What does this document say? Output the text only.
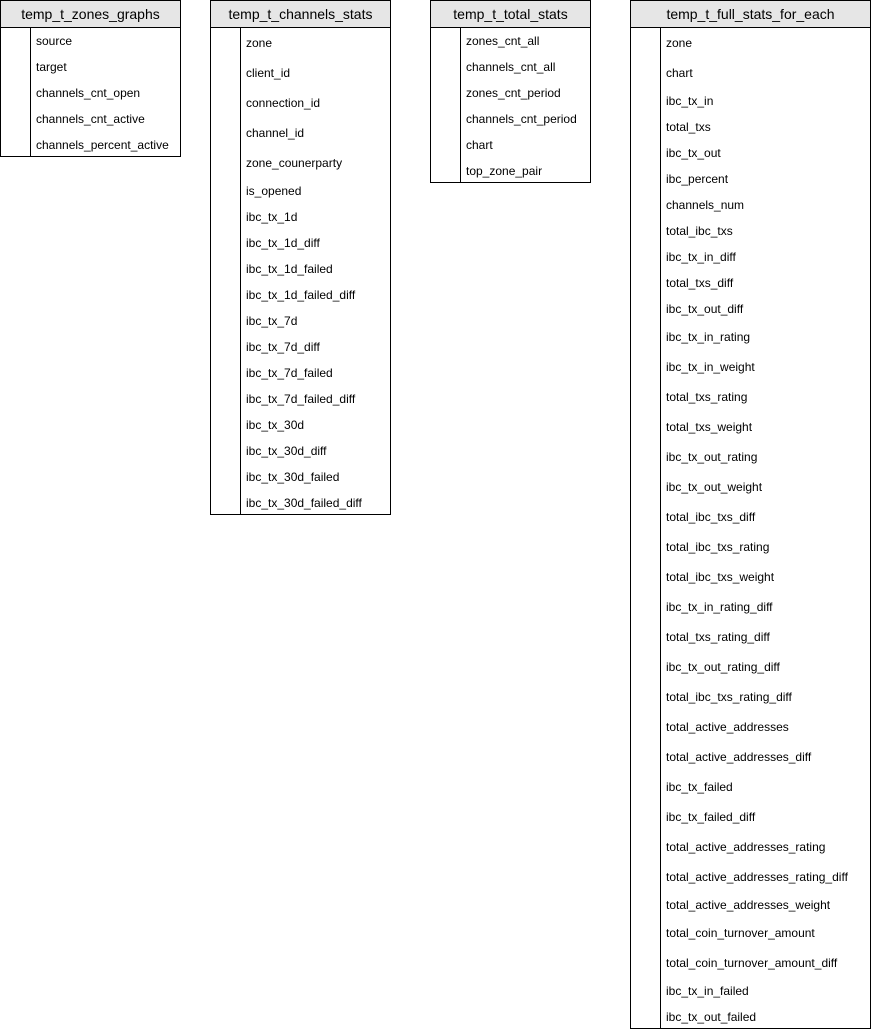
temp_t_zones_graphs
source
target
channels_cnt_open
channels_cnt_active
channels_percent_active
temp_t_channels_stats
zone
client_id
connection_id
channel_id
zone_counerparty
is_opened
ibc_tx_1d
ibc_tx_1d_diff
ibc_tx_1d_failed
ibc_tx_1d_failed_diff
ibc_tx_7d
ibc_tx_7d_diff
ibc_tx_7d_failed
ibc_tx_7d_failed_diff
ibc_tx_30d
ibc_tx_30d_diff
ibc_tx_30d_failed
ibc_tx_30d_failed_diff
temp_t_total_stats
zones_cnt_all
channels_cnt_all
zones_cnt_period
channels_cnt_period
chart
top_zone_pair
temp_t_full_stats_for_each
zone
chart
ibc_tx_in
total_txs
ibc_tx_out
ibc_percent
channels_num
total_ibc_txs
ibc_tx_in_diff
total_txs_diff
ibc_tx_out_diff
ibc_tx_in_rating
ibc_tx_in_weight
total_txs_rating
total_txs_weight
ibc_tx_out_rating
ibc_tx_out_weight
total_ibc_txs_diff
total_ibc_txs_rating
total_ibc_txs_weight
ibc_tx_in_rating_diff
total_txs_rating_diff
ibc_tx_out_rating_diff
total_ibc_txs_rating_diff
total_active_addresses
total_active_addresses_diff
ibc_tx_failed
ibc_tx_failed_diff
total_active_addresses_rating
total_active_addresses_rating_diff
total_active_addresses_weight
total_coin_turnover_amount
total_coin_turnover_amount_diff
ibc_tx_in_failed
ibc_tx_out_failed
